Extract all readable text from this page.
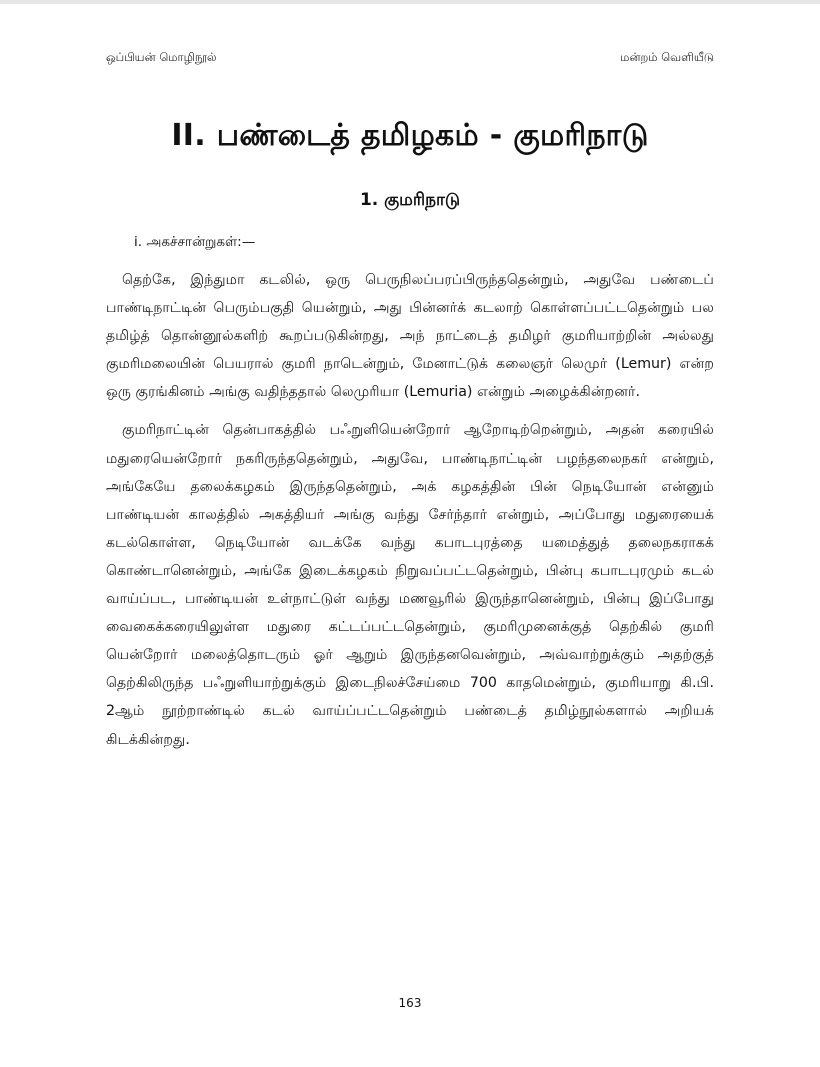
ஒப்பியன் மொழிநூல்	மன்றம் வெளியீடு
II. பண்டைத் தமிழகம் - குமரிநாடு
1. குமரிநாடு
i. அகச்சான்றுகள்:—

தெற்கே, இந்துமா கடலில், ஒரு பெருநிலப்பரப்பிருந்ததென்றும், அதுவே பண்டைப் பாண்டிநாட்டின் பெரும்பகுதி யென்றும், அது பின்னர்க் கடலாற் கொள்ளப்பட்டதென்றும் பல தமிழ்த் தொன்னூல்களிற் கூறப்படுகின்றது, அந் நாட்டைத் தமிழர் குமரியாற்றின் அல்லது குமரிமலையின் பெயரால் குமரி நாடென்றும், மேனாட்டுக் கலைஞர் லெமுர் (Lemur) என்ற ஒரு குரங்கினம் அங்கு வதிந்ததால் லெமுரியா (Lemuria) என்றும் அழைக்கின்றனர்.

குமரிநாட்டின் தென்பாகத்தில் பஃறுளியென்றோர் ஆறோடிற்றென்றும், அதன் கரையில் மதுரையென்றோர் நகரிருந்ததென்றும், அதுவே, பாண்டிநாட்டின் பழந்தலைநகர் என்றும், அங்கேயே தலைக்கழகம் இருந்ததென்றும், அக் கழகத்தின் பின் நெடியோன் என்னும் பாண்டியன் காலத்தில் அகத்தியர் அங்கு வந்து சேர்ந்தார் என்றும், அப்போது மதுரையைக் கடல்கொள்ள, நெடியோன் வடக்கே வந்து கபாடபுரத்தை யமைத்துத் தலைநகராகக் கொண்டானென்றும், அங்கே இடைக்கழகம் நிறுவப்பட்டதென்றும், பின்பு கபாடபுரமும் கடல் வாய்ப்பட, பாண்டியன் உள்நாட்டுள் வந்து மணவூரில் இருந்தானென்றும், பின்பு இப்போது வைகைக்கரையிலுள்ள மதுரை கட்டப்பட்டதென்றும், குமரிமுனைக்குத் தெற்கில் குமரி யென்றோர் மலைத்தொடரும் ஓர் ஆறும் இருந்தனவென்றும், அவ்வாற்றுக்கும் அதற்குத் தெற்கிலிருந்த பஃறுளியாற்றுக்கும் இடைநிலச்சேய்மை 700 காதமென்றும், குமரியாறு கி.பி. 2ஆம் நூற்றாண்டில் கடல் வாய்ப்பட்டதென்றும் பண்டைத் தமிழ்நூல்களால் அறியக் கிடக்கின்றது.

163
